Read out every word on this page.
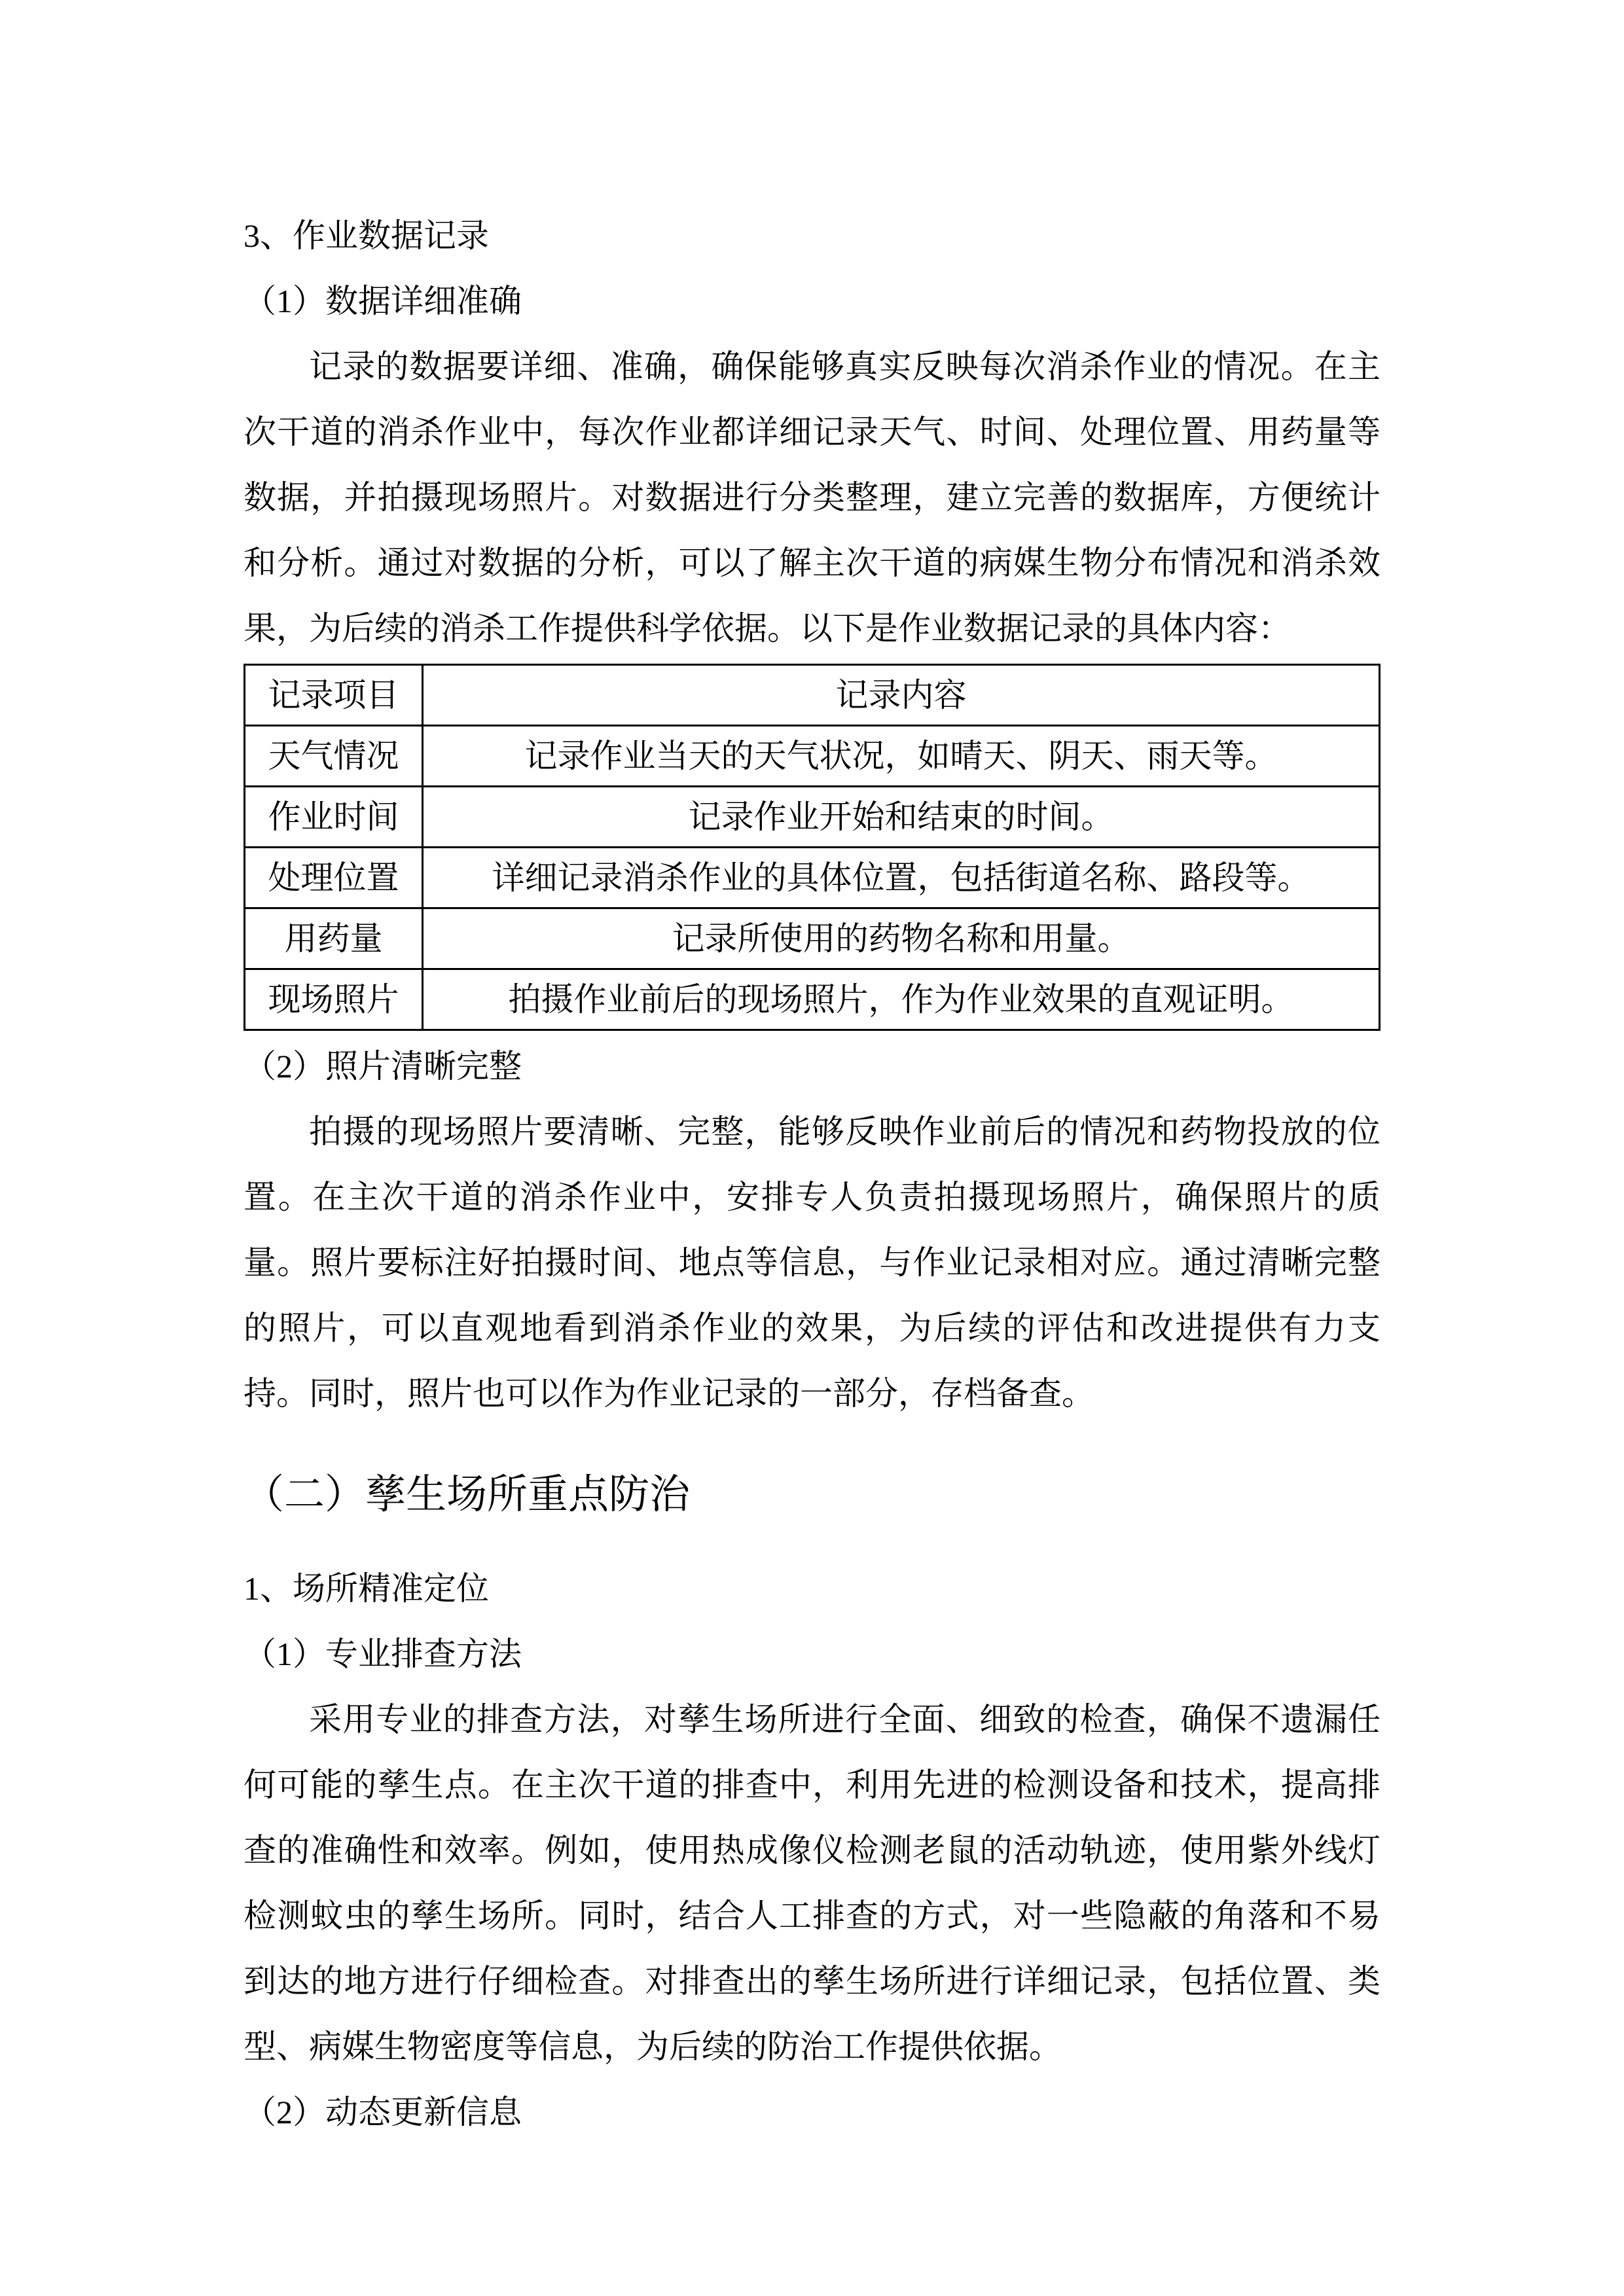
3、作业数据记录
（1）数据详细准确

记录的数据要详细、准确，确保能够真实反映每次消杀作业的情况。在主次干道的消杀作业中，每次作业都详细记录天气、时间、处理位置、用药量等数据，并拍摄现场照片。对数据进行分类整理，建立完善的数据库，方便统计和分析。通过对数据的分析，可以了解主次干道的病媒生物分布情况和消杀效果，为后续的消杀工作提供科学依据。以下是作业数据记录的具体内容：

记录项目	记录内容
天气情况	记录作业当天的天气状况，如晴天、阴天、雨天等。
作业时间	记录作业开始和结束的时间。
处理位置	详细记录消杀作业的具体位置，包括街道名称、路段等。
用药量	记录所使用的药物名称和用量。
现场照片	拍摄作业前后的现场照片，作为作业效果的直观证明。
（2）照片清晰完整

拍摄的现场照片要清晰、完整，能够反映作业前后的情况和药物投放的位置。在主次干道的消杀作业中，安排专人负责拍摄现场照片，确保照片的质量。照片要标注好拍摄时间、地点等信息，与作业记录相对应。通过清晰完整的照片，可以直观地看到消杀作业的效果，为后续的评估和改进提供有力支持。同时，照片也可以作为作业记录的一部分，存档备查。

（二）孳生场所重点防治
1、场所精准定位
（1）专业排查方法

采用专业的排查方法，对孳生场所进行全面、细致的检查，确保不遗漏任何可能的孳生点。在主次干道的排查中，利用先进的检测设备和技术，提高排查的准确性和效率。例如，使用热成像仪检测老鼠的活动轨迹，使用紫外线灯检测蚊虫的孳生场所。同时，结合人工排查的方式，对一些隐蔽的角落和不易到达的地方进行仔细检查。对排查出的孳生场所进行详细记录，包括位置、类型、病媒生物密度等信息，为后续的防治工作提供依据。

（2）动态更新信息
